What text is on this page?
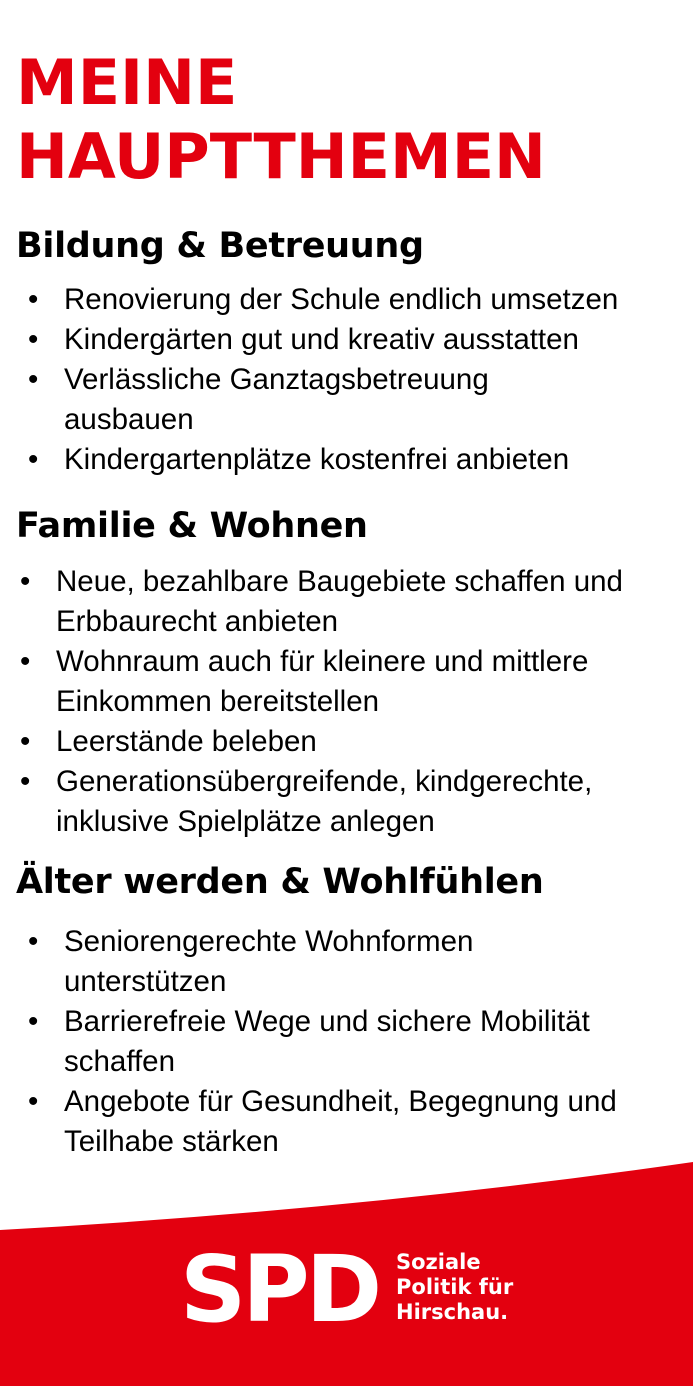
MEINE
HAUPTTHEMEN
Bildung & Betreuung
• Renovierung der Schule endlich umsetzen
• Kindergärten gut und kreativ ausstatten
• Verlässliche Ganztagsbetreuung
ausbauen
• Kindergartenplätze kostenfrei anbieten
Familie & Wohnen
• Neue, bezahlbare Baugebiete schaffen und
Erbbaurecht anbieten
• Wohnraum auch für kleinere und mittlere
Einkommen bereitstellen
• Leerstände beleben
• Generationsübergreifende, kindgerechte,
inklusive Spielplätze anlegen
Älter werden & Wohlfühlen
• Seniorengerechte Wohnformen
unterstützen
• Barrierefreie Wege und sichere Mobilität
schaffen
• Angebote für Gesundheit, Begegnung und
Teilhabe stärken
SPD Soziale
Politik für
Hirschau.
